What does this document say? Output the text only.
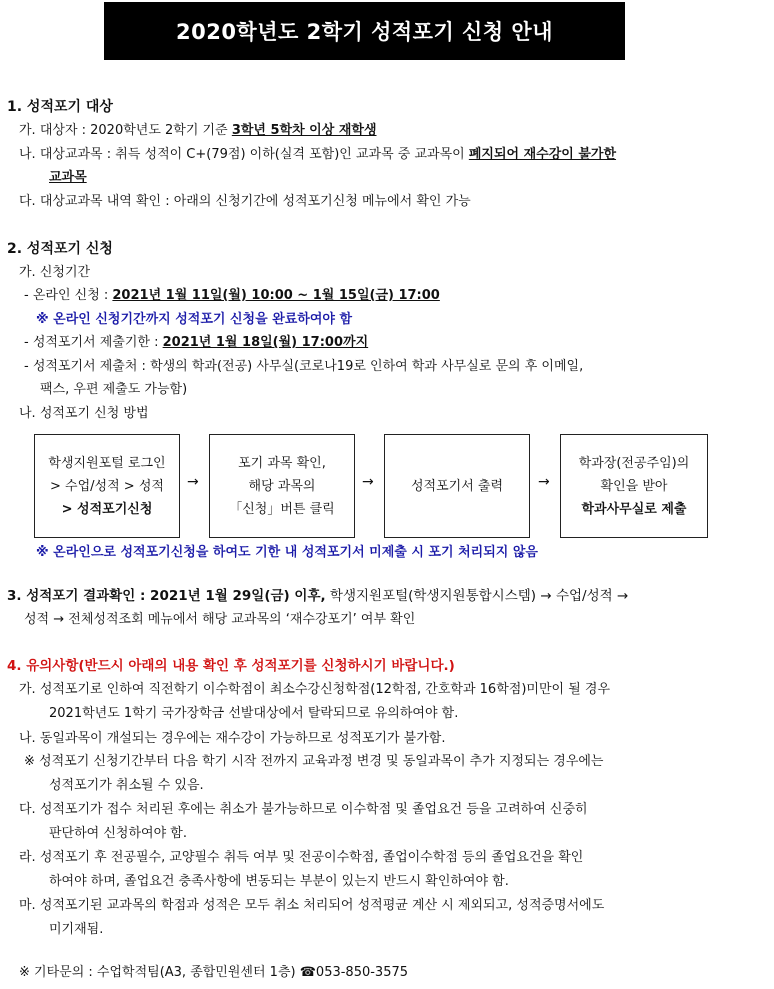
2020학년도 2학기 성적포기 신청 안내
1. 성적포기 대상
가. 대상자 : 2020학년도 2학기 기준 3학년 5학차 이상 재학생
나. 대상교과목 : 취득 성적이 C+(79점) 이하(실격 포함)인 교과목 중 교과목이 폐지되어 재수강이 불가한
교과목
다. 대상교과목 내역 확인 : 아래의 신청기간에 성적포기신청 메뉴에서 확인 가능
2. 성적포기 신청
가. 신청기간
- 온라인 신청 : 2021년 1월 11일(월) 10:00 ~ 1월 15일(금) 17:00
※ 온라인 신청기간까지 성적포기 신청을 완료하여야 함
- 성적포기서 제출기한 : 2021년 1월 18일(월) 17:00까지
- 성적포기서 제출처 : 학생의 학과(전공) 사무실(코로나19로 인하여 학과 사무실로 문의 후 이메일,
팩스, 우편 제출도 가능함)
나. 성적포기 신청 방법
학생지원포털 로그인
> 수업/성적 > 성적
> 성적포기신청
→
포기 과목 확인,
해당 과목의
「신청」버튼 클릭
→	성적포기서 출력 →
학과장(전공주임)의
확인을 받아
학과사무실로 제출
※ 온라인으로 성적포기신청을 하여도 기한 내 성적포기서 미제출 시 포기 처리되지 않음
3. 성적포기 결과확인 : 2021년 1월 29일(금) 이후, 학생지원포털(학생지원통합시스템) → 수업/성적 →
성적 → 전체성적조회 메뉴에서 해당 교과목의 ‘재수강포기’ 여부 확인
4. 유의사항(반드시 아래의 내용 확인 후 성적포기를 신청하시기 바랍니다.)
가. 성적포기로 인하여 직전학기 이수학점이 최소수강신청학점(12학점, 간호학과 16학점)미만이 될 경우
2021학년도 1학기 국가장학금 선발대상에서 탈락되므로 유의하여야 함.
나. 동일과목이 개설되는 경우에는 재수강이 가능하므로 성적포기가 불가함.
※ 성적포기 신청기간부터 다음 학기 시작 전까지 교육과정 변경 및 동일과목이 추가 지정되는 경우에는
성적포기가 취소될 수 있음.
다. 성적포기가 접수 처리된 후에는 취소가 불가능하므로 이수학점 및 졸업요건 등을 고려하여 신중히
판단하여 신청하여야 함.
라. 성적포기 후 전공필수, 교양필수 취득 여부 및 전공이수학점, 졸업이수학점 등의 졸업요건을 확인
하여야 하며, 졸업요건 충족사항에 변동되는 부분이 있는지 반드시 확인하여야 함.
마. 성적포기된 교과목의 학점과 성적은 모두 취소 처리되어 성적평균 계산 시 제외되고, 성적증명서에도
미기재됨.
※ 기타문의 : 수업학적팀(A3, 종합민원센터 1층) ☎053-850-3575
